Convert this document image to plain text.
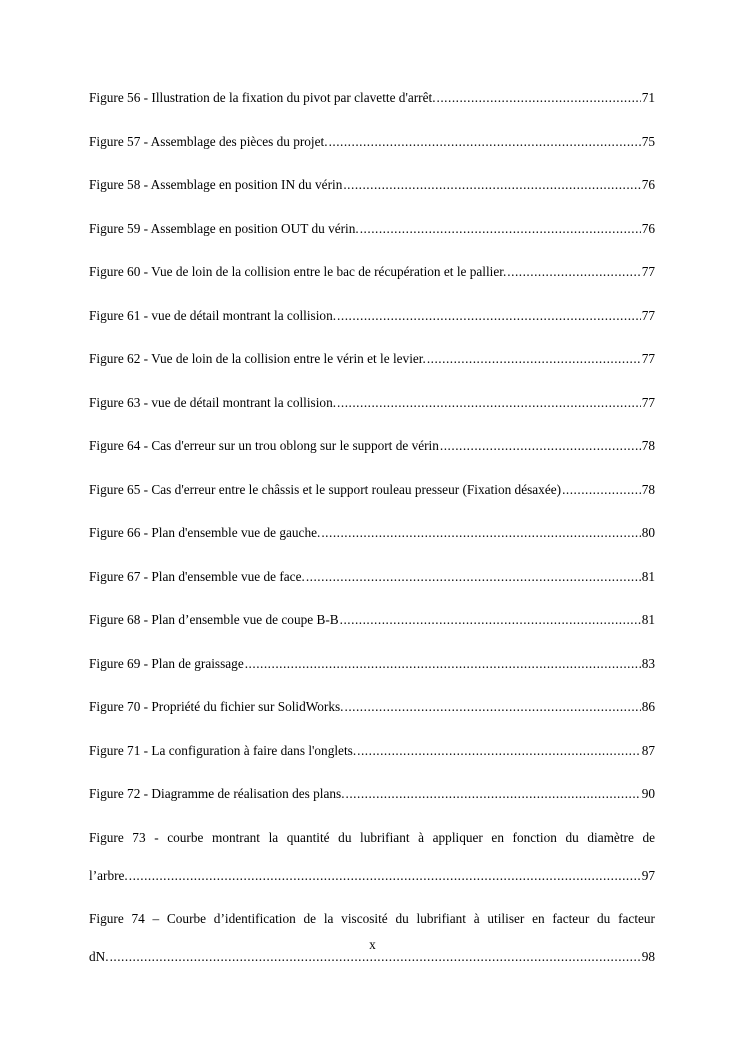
Figure 56 - Illustration de la fixation du pivot par clavette d'arrêt. .....	71
Figure 57 - Assemblage des pièces du projet. .....	75
Figure 58 - Assemblage en position IN du vérin .....	76
Figure 59 - Assemblage en position OUT du vérin. .....	76
Figure 60 - Vue de loin de la collision entre le bac de récupération et le pallier. .....	77
Figure 61 - vue de détail montrant la collision. .....	77
Figure 62 - Vue de loin de la collision entre le vérin et le levier. .....	77
Figure 63 - vue de détail montrant la collision. .....	77
Figure 64 - Cas d'erreur sur un trou oblong sur le support de vérin .....	78
Figure 65 - Cas d'erreur entre le châssis et le support rouleau presseur (Fixation désaxée) .....	78
Figure 66 - Plan d'ensemble vue de gauche. .....	80
Figure 67 - Plan d'ensemble vue de face. .....	81
Figure 68 - Plan d’ensemble vue de coupe B-B .....	81
Figure 69 - Plan de graissage .....	83
Figure 70 - Propriété du fichier sur SolidWorks. .....	86
Figure 71 - La configuration à faire dans l'onglets. .....	87
Figure 72 - Diagramme de réalisation des plans. .....	90
Figure 73 - courbe montrant la quantité du lubrifiant à appliquer en fonction du diamètre de
l’arbre. .....	97
Figure 74 – Courbe d’identification de la viscosité du lubrifiant à utiliser en facteur du facteur
dN. .....	98
x
